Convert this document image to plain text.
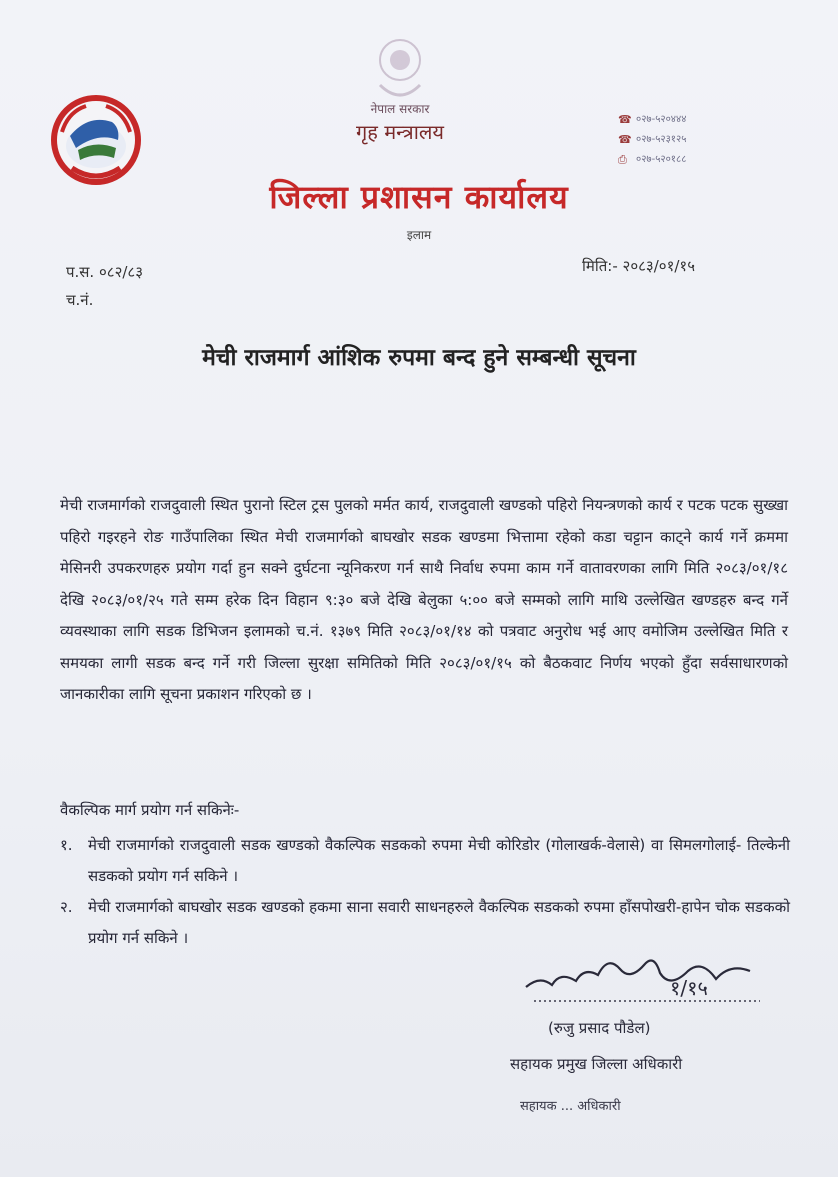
नेपाल सरकार
गृह मन्त्रालय
☎ ०२७-५२०४४४
☎ ०२७-५२३१२५
⎙ ०२७-५२०१८८
जिल्ला प्रशासन कार्यालय
इलाम
प.स. ०८२/८३
च.नं.
मिति:- २०८३/०१/१५
मेची राजमार्ग आंशिक रुपमा बन्द हुने सम्बन्धी सूचना
मेची राजमार्गको राजदुवाली स्थित पुरानो स्टिल ट्रस पुलको मर्मत कार्य, राजदुवाली खण्डको पहिरो नियन्त्रणको कार्य र पटक पटक सुख्खा पहिरो गइरहने रोङ गाउँपालिका स्थित मेची राजमार्गको बाघखोर सडक खण्डमा भित्तामा रहेको कडा चट्टान काट्ने कार्य गर्ने क्रममा मेसिनरी उपकरणहरु प्रयोग गर्दा हुन सक्ने दुर्घटना न्यूनिकरण गर्न साथै निर्वाध रुपमा काम गर्ने वातावरणका लागि मिति २०८३/०१/१८ देखि २०८३/०१/२५ गते सम्म हरेक दिन विहान ९:३० बजे देखि बेलुका ५:०० बजे सम्मको लागि माथि उल्लेखित खण्डहरु बन्द गर्ने व्यवस्थाका लागि सडक डिभिजन इलामको च.नं. १३७९ मिति २०८३/०१/१४ को पत्रवाट अनुरोध भई आए वमोजिम उल्लेखित मिति र समयका लागी सडक बन्द गर्ने गरी जिल्ला सुरक्षा समितिको मिति २०८३/०१/१५ को बैठकवाट निर्णय भएको हुँदा सर्वसाधारणको जानकारीका लागि सूचना प्रकाशन गरिएको छ ।
वैकल्पिक मार्ग प्रयोग गर्न सकिनेः-
१.	मेची राजमार्गको राजदुवाली सडक खण्डको वैकल्पिक सडकको रुपमा मेची कोरिडोर (गोलाखर्क-वेलासे) वा सिमलगोलाई- तिल्केनी सडकको प्रयोग गर्न सकिने ।
२.	मेची राजमार्गको बाघखोर सडक खण्डको हकमा साना सवारी साधनहरुले वैकल्पिक सडकको रुपमा हाँसपोखरी-हापेन चोक सडकको प्रयोग गर्न सकिने ।
१/१५
(रुजु प्रसाद पौडेल)
सहायक प्रमुख जिल्ला अधिकारी
सहायक ... अधिकारी
